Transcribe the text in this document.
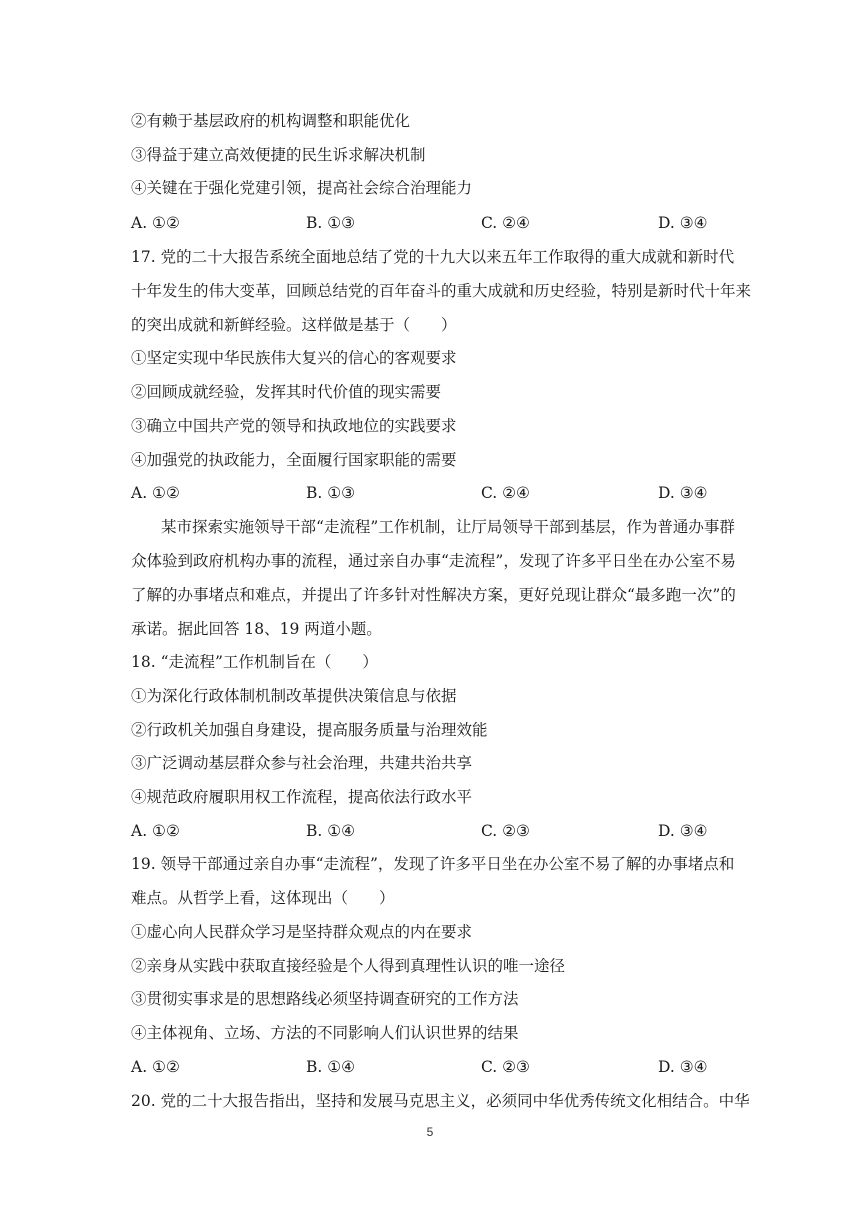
②有赖于基层政府的机构调整和职能优化
③得益于建立高效便捷的民生诉求解决机制
④关键在于强化党建引领，提高社会综合治理能力
A. ①②	B. ①③	C. ②④	D. ③④
17. 党的二十大报告系统全面地总结了党的十九大以来五年工作取得的重大成就和新时代
十年发生的伟大变革，回顾总结党的百年奋斗的重大成就和历史经验，特别是新时代十年来
的突出成就和新鲜经验。这样做是基于（　　）
①坚定实现中华民族伟大复兴的信心的客观要求
②回顾成就经验，发挥其时代价值的现实需要
③确立中国共产党的领导和执政地位的实践要求
④加强党的执政能力，全面履行国家职能的需要
A. ①②	B. ①③	C. ②④	D. ③④
某市探索实施领导干部“走流程”工作机制，让厅局领导干部到基层，作为普通办事群
众体验到政府机构办事的流程，通过亲自办事“走流程”，发现了许多平日坐在办公室不易
了解的办事堵点和难点，并提出了许多针对性解决方案，更好兑现让群众“最多跑一次”的
承诺。据此回答 18、19 两道小题。
18. “走流程”工作机制旨在（　　）
①为深化行政体制机制改革提供决策信息与依据
②行政机关加强自身建设，提高服务质量与治理效能
③广泛调动基层群众参与社会治理，共建共治共享
④规范政府履职用权工作流程，提高依法行政水平
A. ①②	B. ①④	C. ②③	D. ③④
19. 领导干部通过亲自办事“走流程”，发现了许多平日坐在办公室不易了解的办事堵点和
难点。从哲学上看，这体现出（　　）
①虚心向人民群众学习是坚持群众观点的内在要求
②亲身从实践中获取直接经验是个人得到真理性认识的唯一途径
③贯彻实事求是的思想路线必须坚持调查研究的工作方法
④主体视角、立场、方法的不同影响人们认识世界的结果
A. ①②	B. ①④	C. ②③	D. ③④
20. 党的二十大报告指出，坚持和发展马克思主义，必须同中华优秀传统文化相结合。中华
5
